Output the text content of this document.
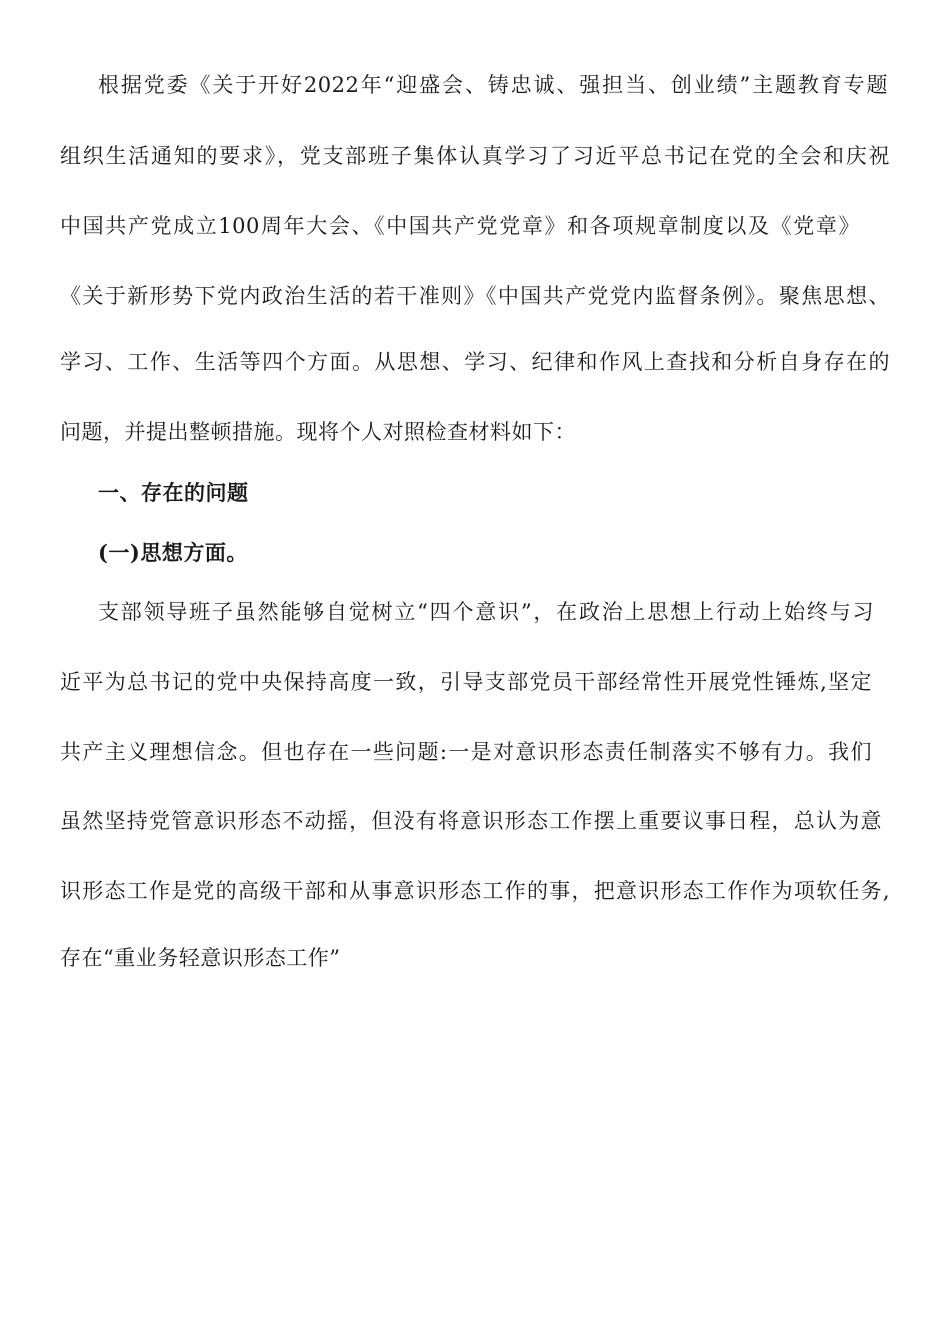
根据党委《关于开好2022年“迎盛会、铸忠诚、强担当、创业绩”主题教育专题
组织生活通知的要求》，党支部班子集体认真学习了习近平总书记在党的全会和庆祝
中国共产党成立100周年大会、《中国共产党党章》和各项规章制度以及《党章》
《关于新形势下党内政治生活的若干准则》《中国共产党党内监督条例》。聚焦思想、
学习、工作、生活等四个方面。从思想、学习、纪律和作风上查找和分析自身存在的
问题，并提出整顿措施。现将个人对照检查材料如下：
一、存在的问题
(一)思想方面。
支部领导班子虽然能够自觉树立“四个意识”，在政治上思想上行动上始终与习
近平为总书记的党中央保持高度一致，引导支部党员干部经常性开展党性锤炼,坚定
共产主义理想信念。但也存在一些问题:一是对意识形态责任制落实不够有力。我们
虽然坚持党管意识形态不动摇，但没有将意识形态工作摆上重要议事日程，总认为意
识形态工作是党的高级干部和从事意识形态工作的事，把意识形态工作作为项软任务,
存在“重业务轻意识形态工作”
